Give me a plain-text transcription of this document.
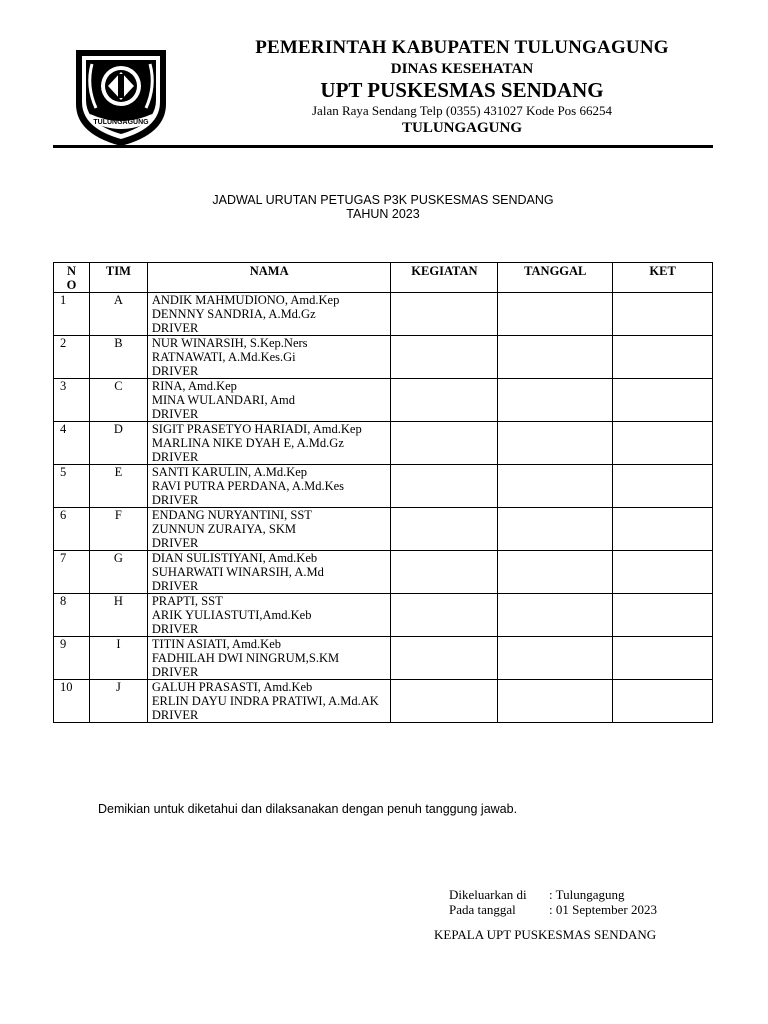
TULUNGAGUNG
PEMERINTAH KABUPATEN TULUNGAGUNG
DINAS KESEHATAN
UPT PUSKESMAS SENDANG
Jalan Raya Sendang Telp (0355) 431027 Kode Pos 66254
TULUNGAGUNG
JADWAL URUTAN PETUGAS P3K PUSKESMAS SENDANG
TAHUN 2023
N
O	TIM	NAMA	KEGIATAN	TANGGAL	KET
1	A	ANDIK MAHMUDIONO, Amd.Kep
DENNNY SANDRIA, A.Md.Gz
DRIVER			

2	B	NUR WINARSIH, S.Kep.Ners
RATNAWATI, A.Md.Kes.Gi
DRIVER			

3	C	RINA, Amd.Kep
MINA WULANDARI, Amd
DRIVER			

4	D	SIGIT PRASETYO HARIADI, Amd.Kep
MARLINA NIKE DYAH E, A.Md.Gz
DRIVER			

5	E	SANTI KARULIN, A.Md.Kep
RAVI PUTRA PERDANA, A.Md.Kes
DRIVER			

6	F	ENDANG NURYANTINI, SST
ZUNNUN ZURAIYA, SKM
DRIVER			

7	G	DIAN SULISTIYANI, Amd.Keb
SUHARWATI WINARSIH, A.Md
DRIVER			

8	H	PRAPTI, SST
ARIK YULIASTUTI,Amd.Keb
DRIVER			

9	I	TITIN ASIATI, Amd.Keb
FADHILAH DWI NINGRUM,S.KM
DRIVER			

10	J	GALUH PRASASTI, Amd.Keb
ERLIN DAYU INDRA PRATIWI, A.Md.AK
DRIVER			

Demikian untuk diketahui dan dilaksanakan dengan penuh tanggung jawab.
Dikeluarkan di	: Tulungagung
Pada tanggal	: 01 September 2023
KEPALA UPT PUSKESMAS SENDANG
